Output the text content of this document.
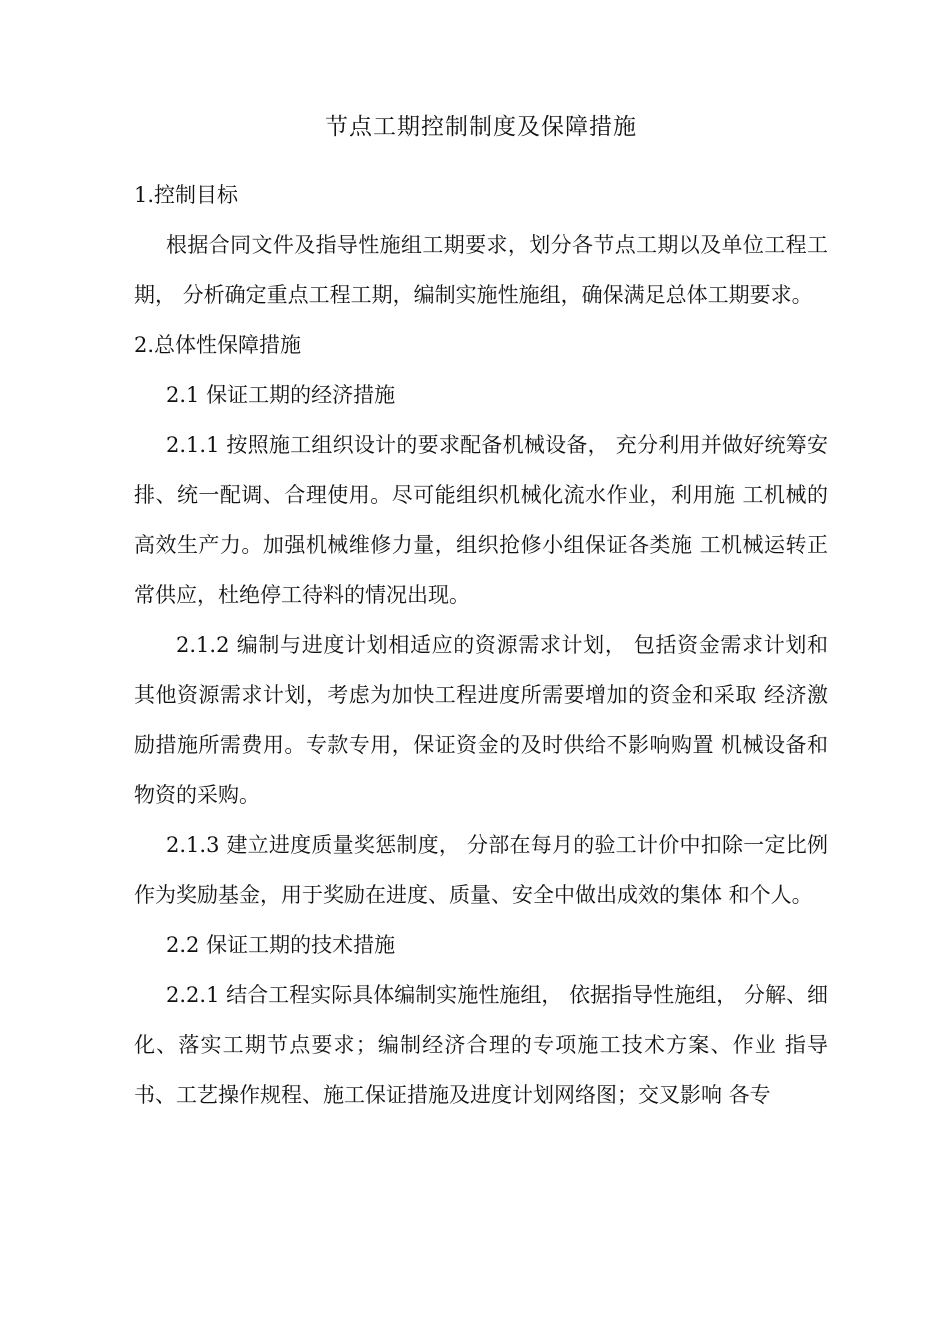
节点工期控制制度及保障措施

1.控制目标

根据合同文件及指导性施组工期要求，划分各节点工期以及单位工程工期， 分析确定重点工程工期，编制实施性施组，确保满足总体工期要求。

2.总体性保障措施

2.1 保证工期的经济措施

2.1.1 按照施工组织设计的要求配备机械设备， 充分利用并做好统筹安排、统一配调、合理使用。尽可能组织机械化流水作业，利用施 工机械的高效生产力。加强机械维修力量，组织抢修小组保证各类施 工机械运转正常供应，杜绝停工待料的情况出现。

2.1.2 编制与进度计划相适应的资源需求计划， 包括资金需求计划和其他资源需求计划，考虑为加快工程进度所需要增加的资金和采取 经济激励措施所需费用。专款专用，保证资金的及时供给不影响购置 机械设备和物资的采购。

2.1.3 建立进度质量奖惩制度， 分部在每月的验工计价中扣除一定比例作为奖励基金，用于奖励在进度、质量、安全中做出成效的集体 和个人。

2.2 保证工期的技术措施

2.2.1 结合工程实际具体编制实施性施组， 依据指导性施组， 分解、细化、落实工期节点要求；编制经济合理的专项施工技术方案、作业 指导书、工艺操作规程、施工保证措施及进度计划网络图；交叉影响 各专
